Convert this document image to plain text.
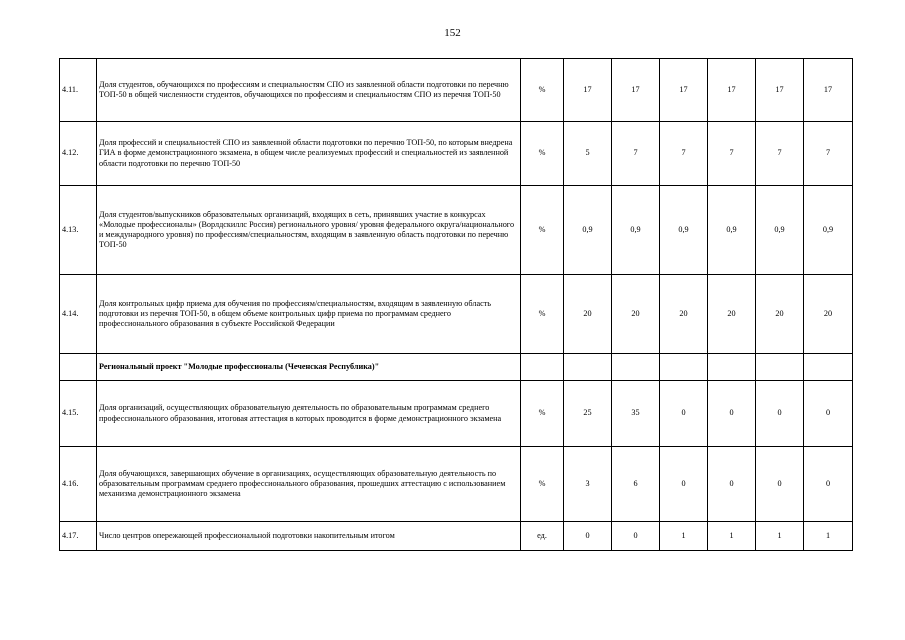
152
4.11.	Доля студентов, обучающихся по профессиям и специальностям СПО из заявленной области подготовки по перечню ТОП-50 в общей численности студентов, обучающихся по профессиям и специальностям СПО из перечня ТОП-50	%	17	17	17	17	17	17
4.12.	Доля профессий и специальностей СПО из заявленной области подготовки по перечню ТОП-50, по которым внедрена ГИА в форме демонстрационного экзамена, в общем числе реализуемых профессий и специальностей из заявленной области подготовки по перечню ТОП-50	%	5	7	7	7	7	7
4.13.	Доля студентов/выпускников образовательных организаций, входящих в сеть, принявших участие в конкурсах «Молодые профессионалы» (Ворлдскиллс Россия) регионального уровня/ уровня федерального округа/национального и международного уровня) по профессиям/специальностям, входящим в заявленную область подготовки по перечню ТОП-50	%	0,9	0,9	0,9	0,9	0,9	0,9
4.14.	Доля контрольных цифр приема для обучения по профессиям/специальностям, входящим в заявленную область подготовки из перечня ТОП-50, в общем объеме контрольных цифр приема по программам среднего профессионального образования в субъекте Российской Федерации	%	20	20	20	20	20	20
	Региональный проект "Молодые профессионалы (Чеченская Республика)"							
4.15.	Доля организаций, осуществляющих образовательную деятельность по образовательным программам среднего профессионального образования, итоговая аттестация в которых проводится в форме демонстрационного экзамена	%	25	35	0	0	0	0
4.16.	Доля обучающихся, завершающих обучение в организациях, осуществляющих образовательную деятельность по образовательным программам среднего профессионального образования, прошедших аттестацию с использованием механизма демонстрационного экзамена	%	3	6	0	0	0	0
4.17.	Число центров опережающей профессиональной подготовки накопительным итогом	ед.	0	0	1	1	1	1
